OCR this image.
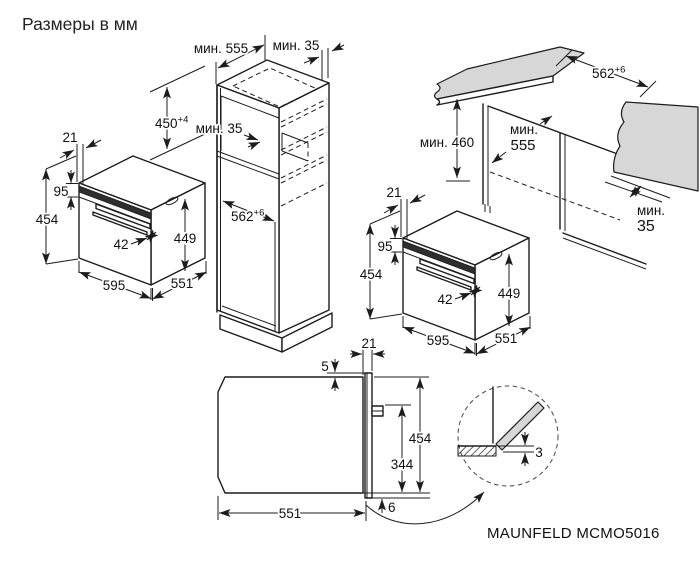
Размеры в мм
мин. 555 мин. 35
$450^{+4}$
мин. 35
$562^{+6}$	мин.
35
$562^{+6}$
мин. 460
мин.
555
21
95
454
42	449
595	551
21
95
454
42	449
595	551
5
21
454
344
551	6
3
MAUNFELD MCMO5016
